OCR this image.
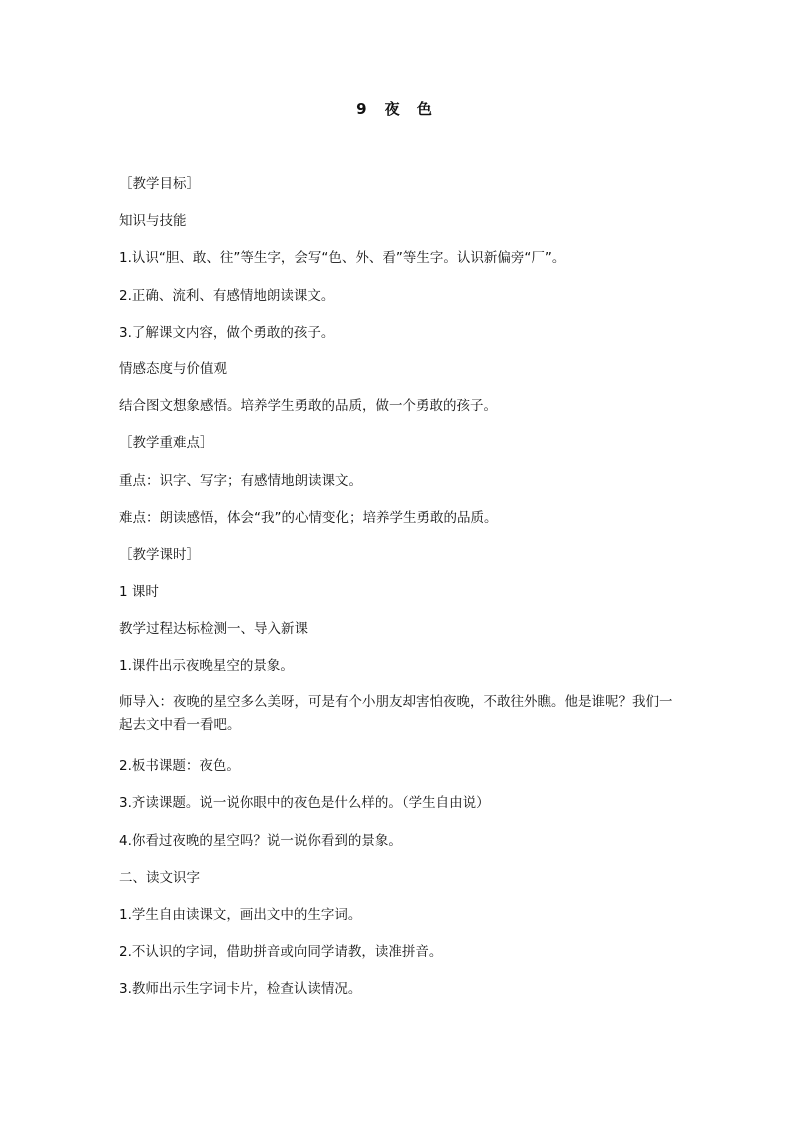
9 夜 色
［教学目标］
知识与技能
1.认识“胆、敢、往”等生字，会写“色、外、看”等生字。认识新偏旁“厂”。
2.正确、流利、有感情地朗读课文。
3.了解课文内容，做个勇敢的孩子。
情感态度与价值观
结合图文想象感悟。培养学生勇敢的品质，做一个勇敢的孩子。
［教学重难点］
重点：识字、写字；有感情地朗读课文。
难点：朗读感悟，体会“我”的心情变化；培养学生勇敢的品质。
［教学课时］
1 课时
教学过程达标检测一、导入新课
1.课件出示夜晚星空的景象。
师导入：夜晚的星空多么美呀，可是有个小朋友却害怕夜晚，不敢往外瞧。他是谁呢？我们一起去文中看一看吧。
2.板书课题：夜色。
3.齐读课题。说一说你眼中的夜色是什么样的。（学生自由说）
4.你看过夜晚的星空吗？说一说你看到的景象。
二、读文识字
1.学生自由读课文，画出文中的生字词。
2.不认识的字词，借助拼音或向同学请教，读准拼音。
3.教师出示生字词卡片，检查认读情况。
